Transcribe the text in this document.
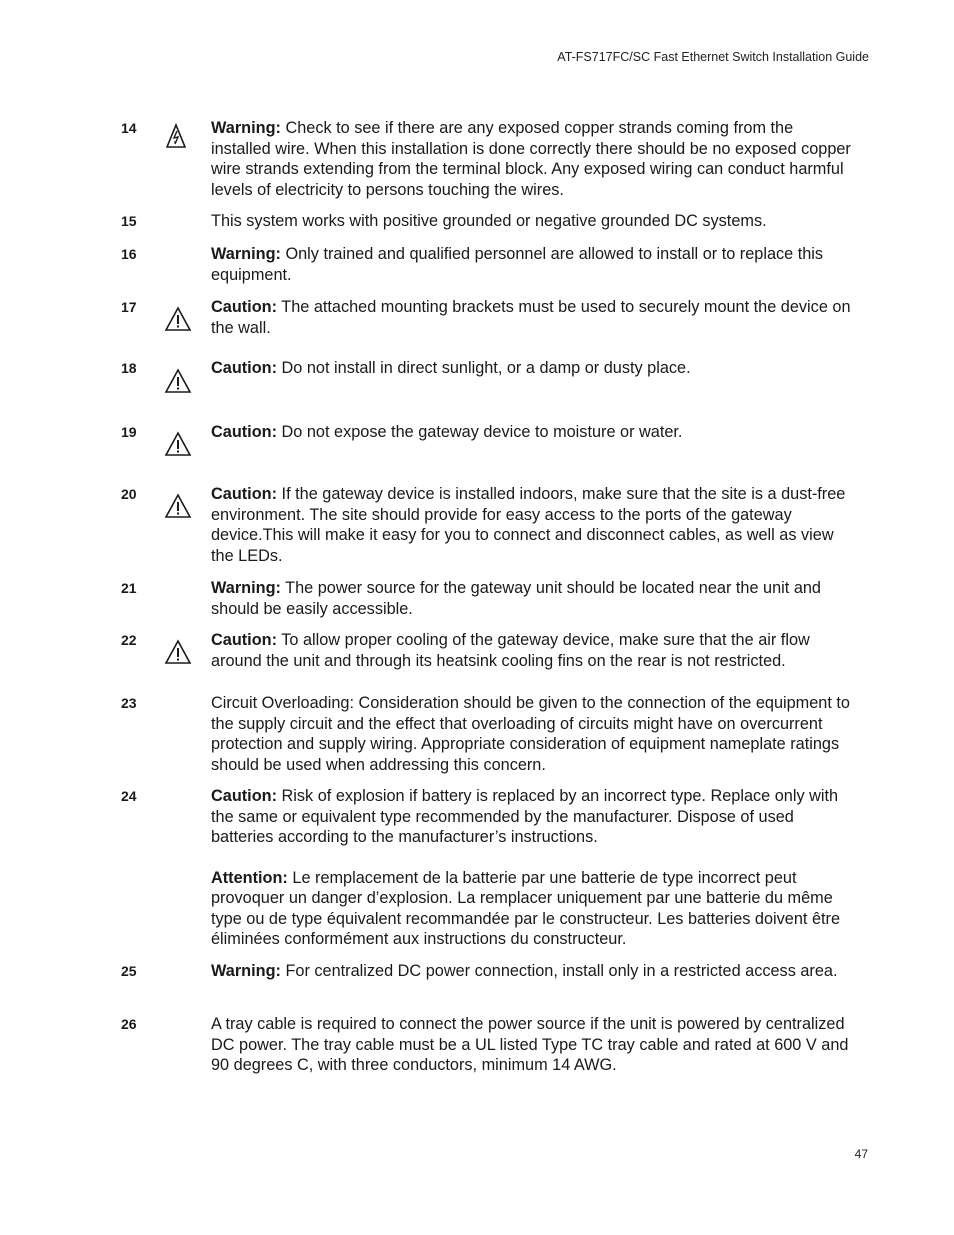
AT-FS717FC/SC Fast Ethernet Switch Installation Guide
14	Warning: Check to see if there are any exposed copper strands coming from the installed wire. When this installation is done correctly there should be no exposed copper wire strands extending from the terminal block. Any exposed wiring can conduct harmful levels of electricity to persons touching the wires.

15	This system works with positive grounded or negative grounded DC systems.

16	Warning: Only trained and qualified personnel are allowed to install or to replace this equipment.

17	Caution: The attached mounting brackets must be used to securely mount the device on the wall.

18	Caution: Do not install in direct sunlight, or a damp or dusty place.

19	Caution: Do not expose the gateway device to moisture or water.

20	Caution: If the gateway device is installed indoors, make sure that the site is a dust-free environment. The site should provide for easy access to the ports of the gateway device.This will make it easy for you to connect and disconnect cables, as well as view the LEDs.

21	Warning: The power source for the gateway unit should be located near the unit and should be easily accessible.

22	Caution: To allow proper cooling of the gateway device, make sure that the air flow around the unit and through its heatsink cooling fins on the rear is not restricted.

23	Circuit Overloading: Consideration should be given to the connection of the equipment to the supply circuit and the effect that overloading of circuits might have on overcurrent protection and supply wiring. Appropriate consideration of equipment nameplate ratings should be used when addressing this concern.

24	Caution: Risk of explosion if battery is replaced by an incorrect type. Replace only with the same or equivalent type recommended by the manufacturer. Dispose of used batteries according to the manufacturer’s instructions.

Attention: Le remplacement de la batterie par une batterie de type incorrect peut provoquer un danger d’explosion. La remplacer uniquement par une batterie du même type ou de type équivalent recommandée par le constructeur. Les batteries doivent être éliminées conformément aux instructions du constructeur.

25	Warning: For centralized DC power connection, install only in a restricted access area.

26	A tray cable is required to connect the power source if the unit is powered by centralized DC power. The tray cable must be a UL listed Type TC tray cable and rated at 600 V and 90 degrees C, with three conductors, minimum 14 AWG.

47
